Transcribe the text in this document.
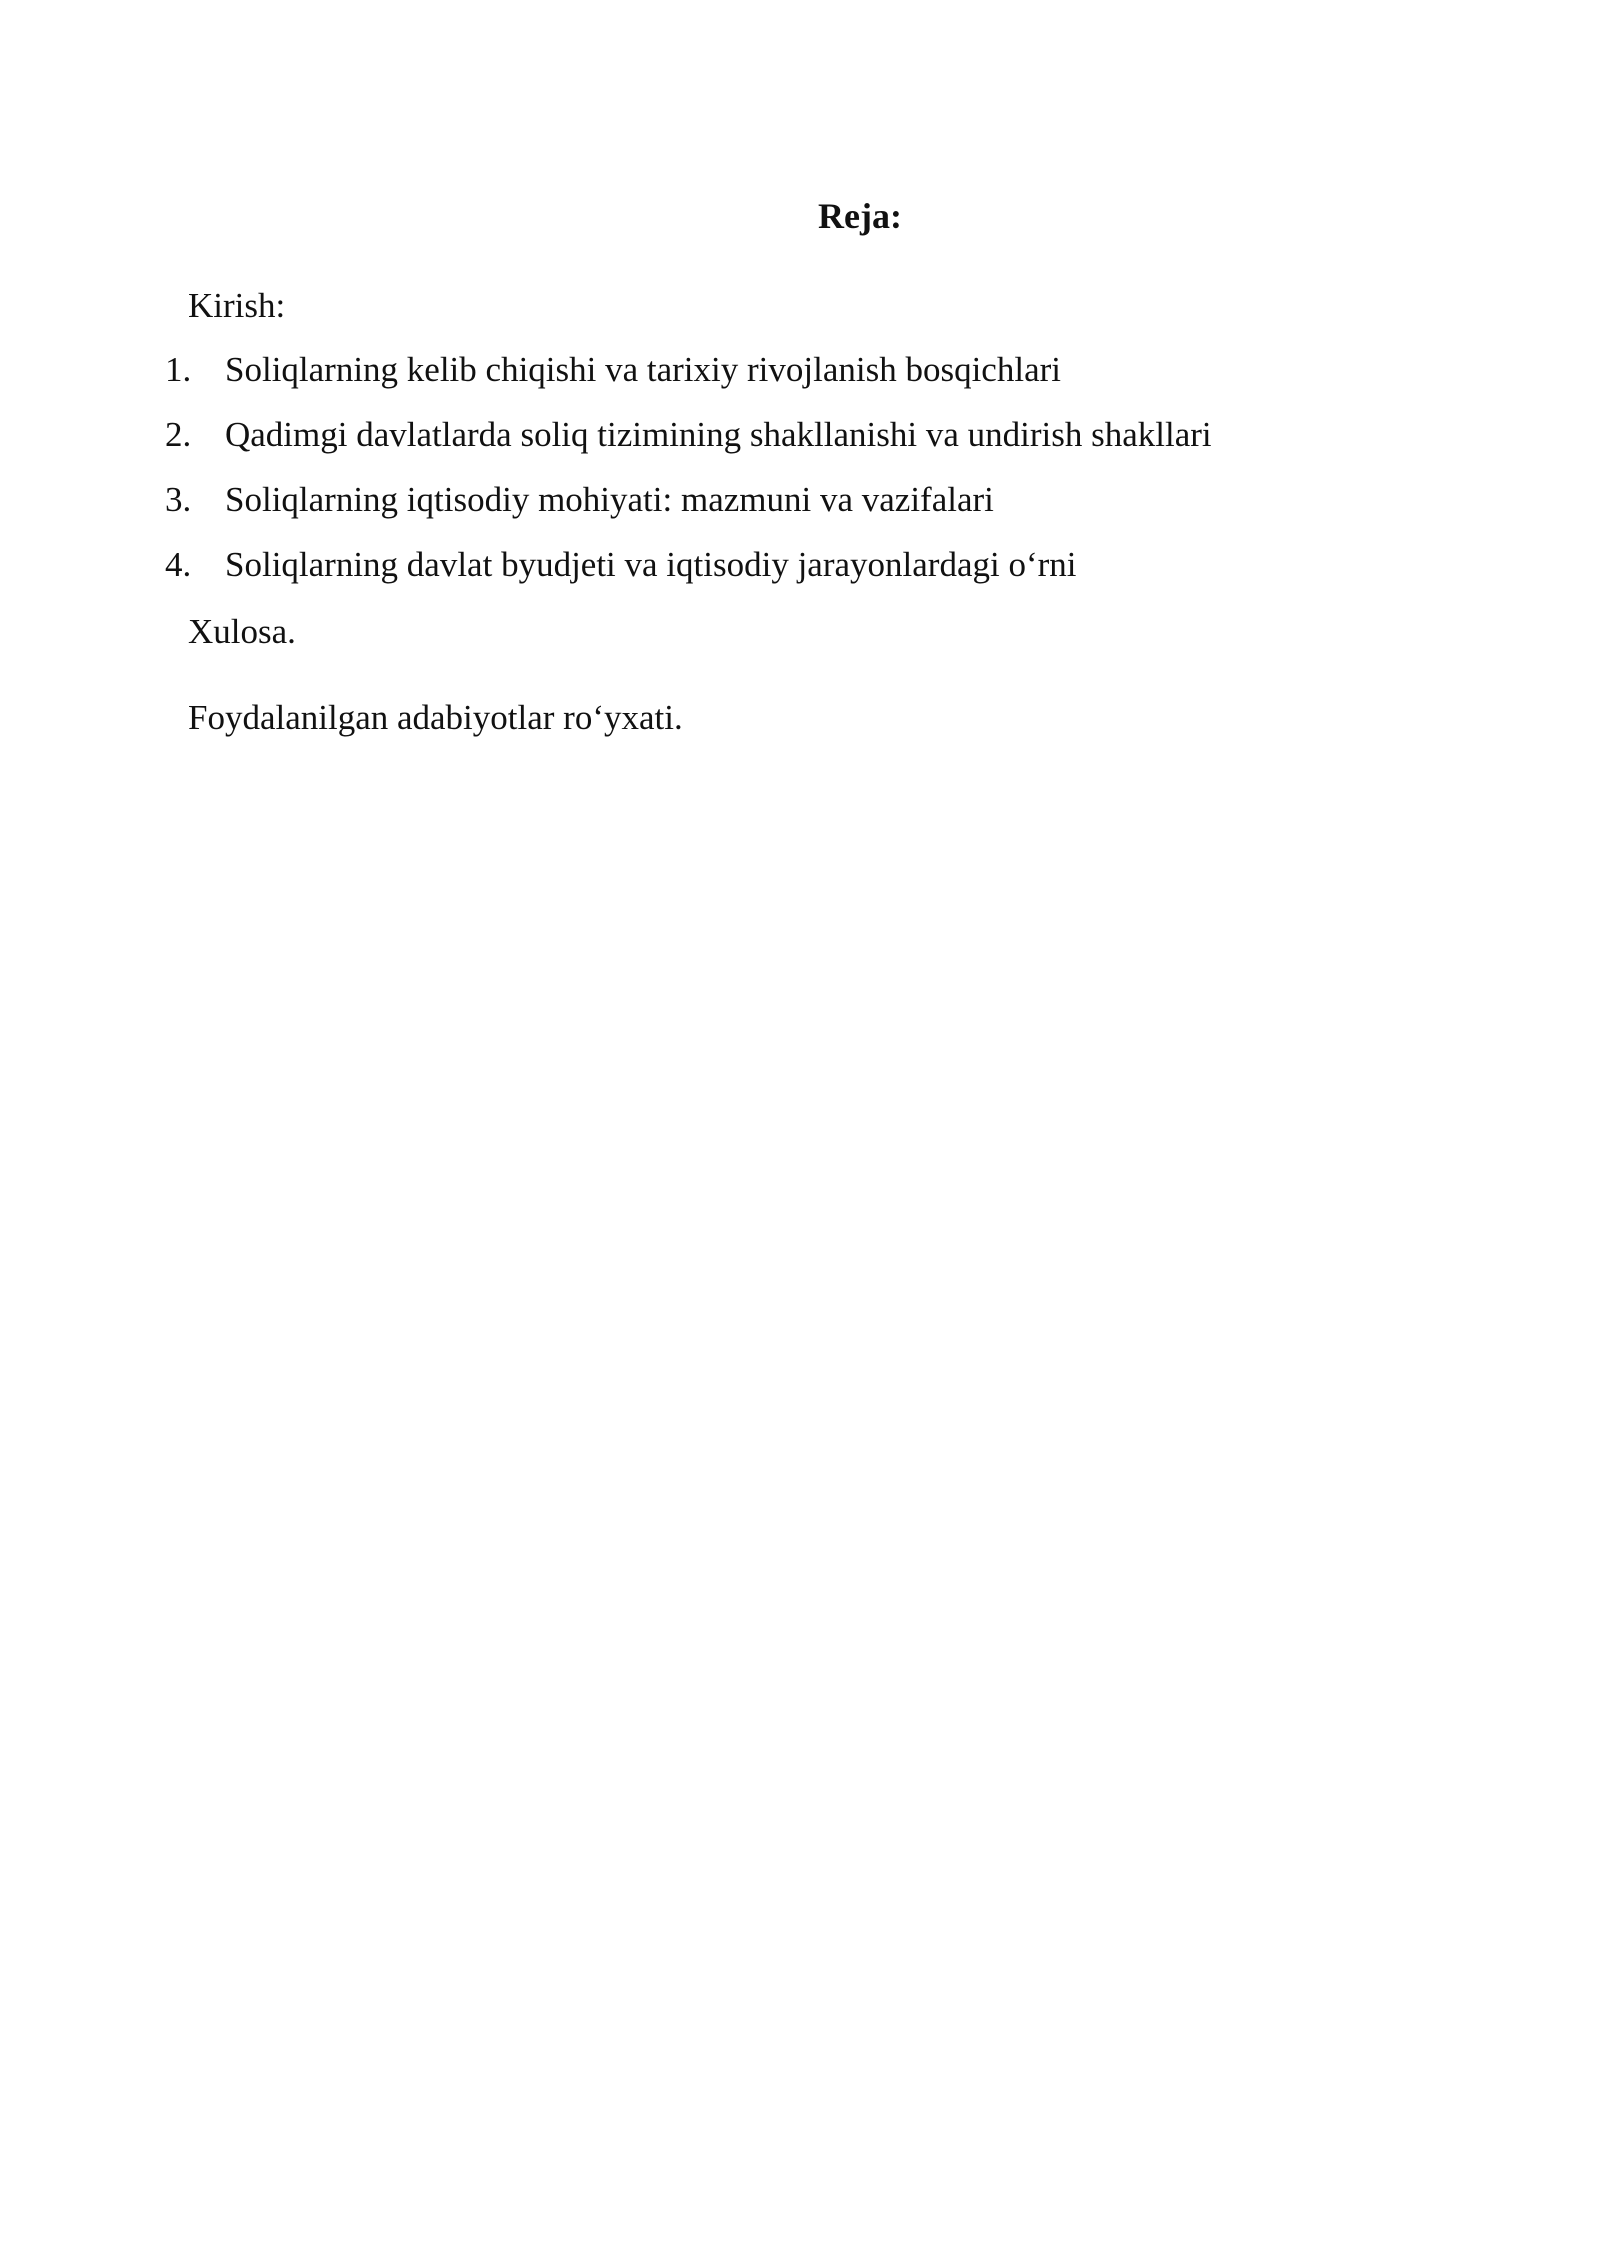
Reja:
Kirish:
1. Soliqlarning kelib chiqishi va tarixiy rivojlanish bosqichlari
2. Qadimgi davlatlarda soliq tizimining shakllanishi va undirish shakllari
3. Soliqlarning iqtisodiy mohiyati: mazmuni va vazifalari
4. Soliqlarning davlat byudjeti va iqtisodiy jarayonlardagi o‘rni
Xulosa.
Foydalanilgan adabiyotlar ro‘yxati.
